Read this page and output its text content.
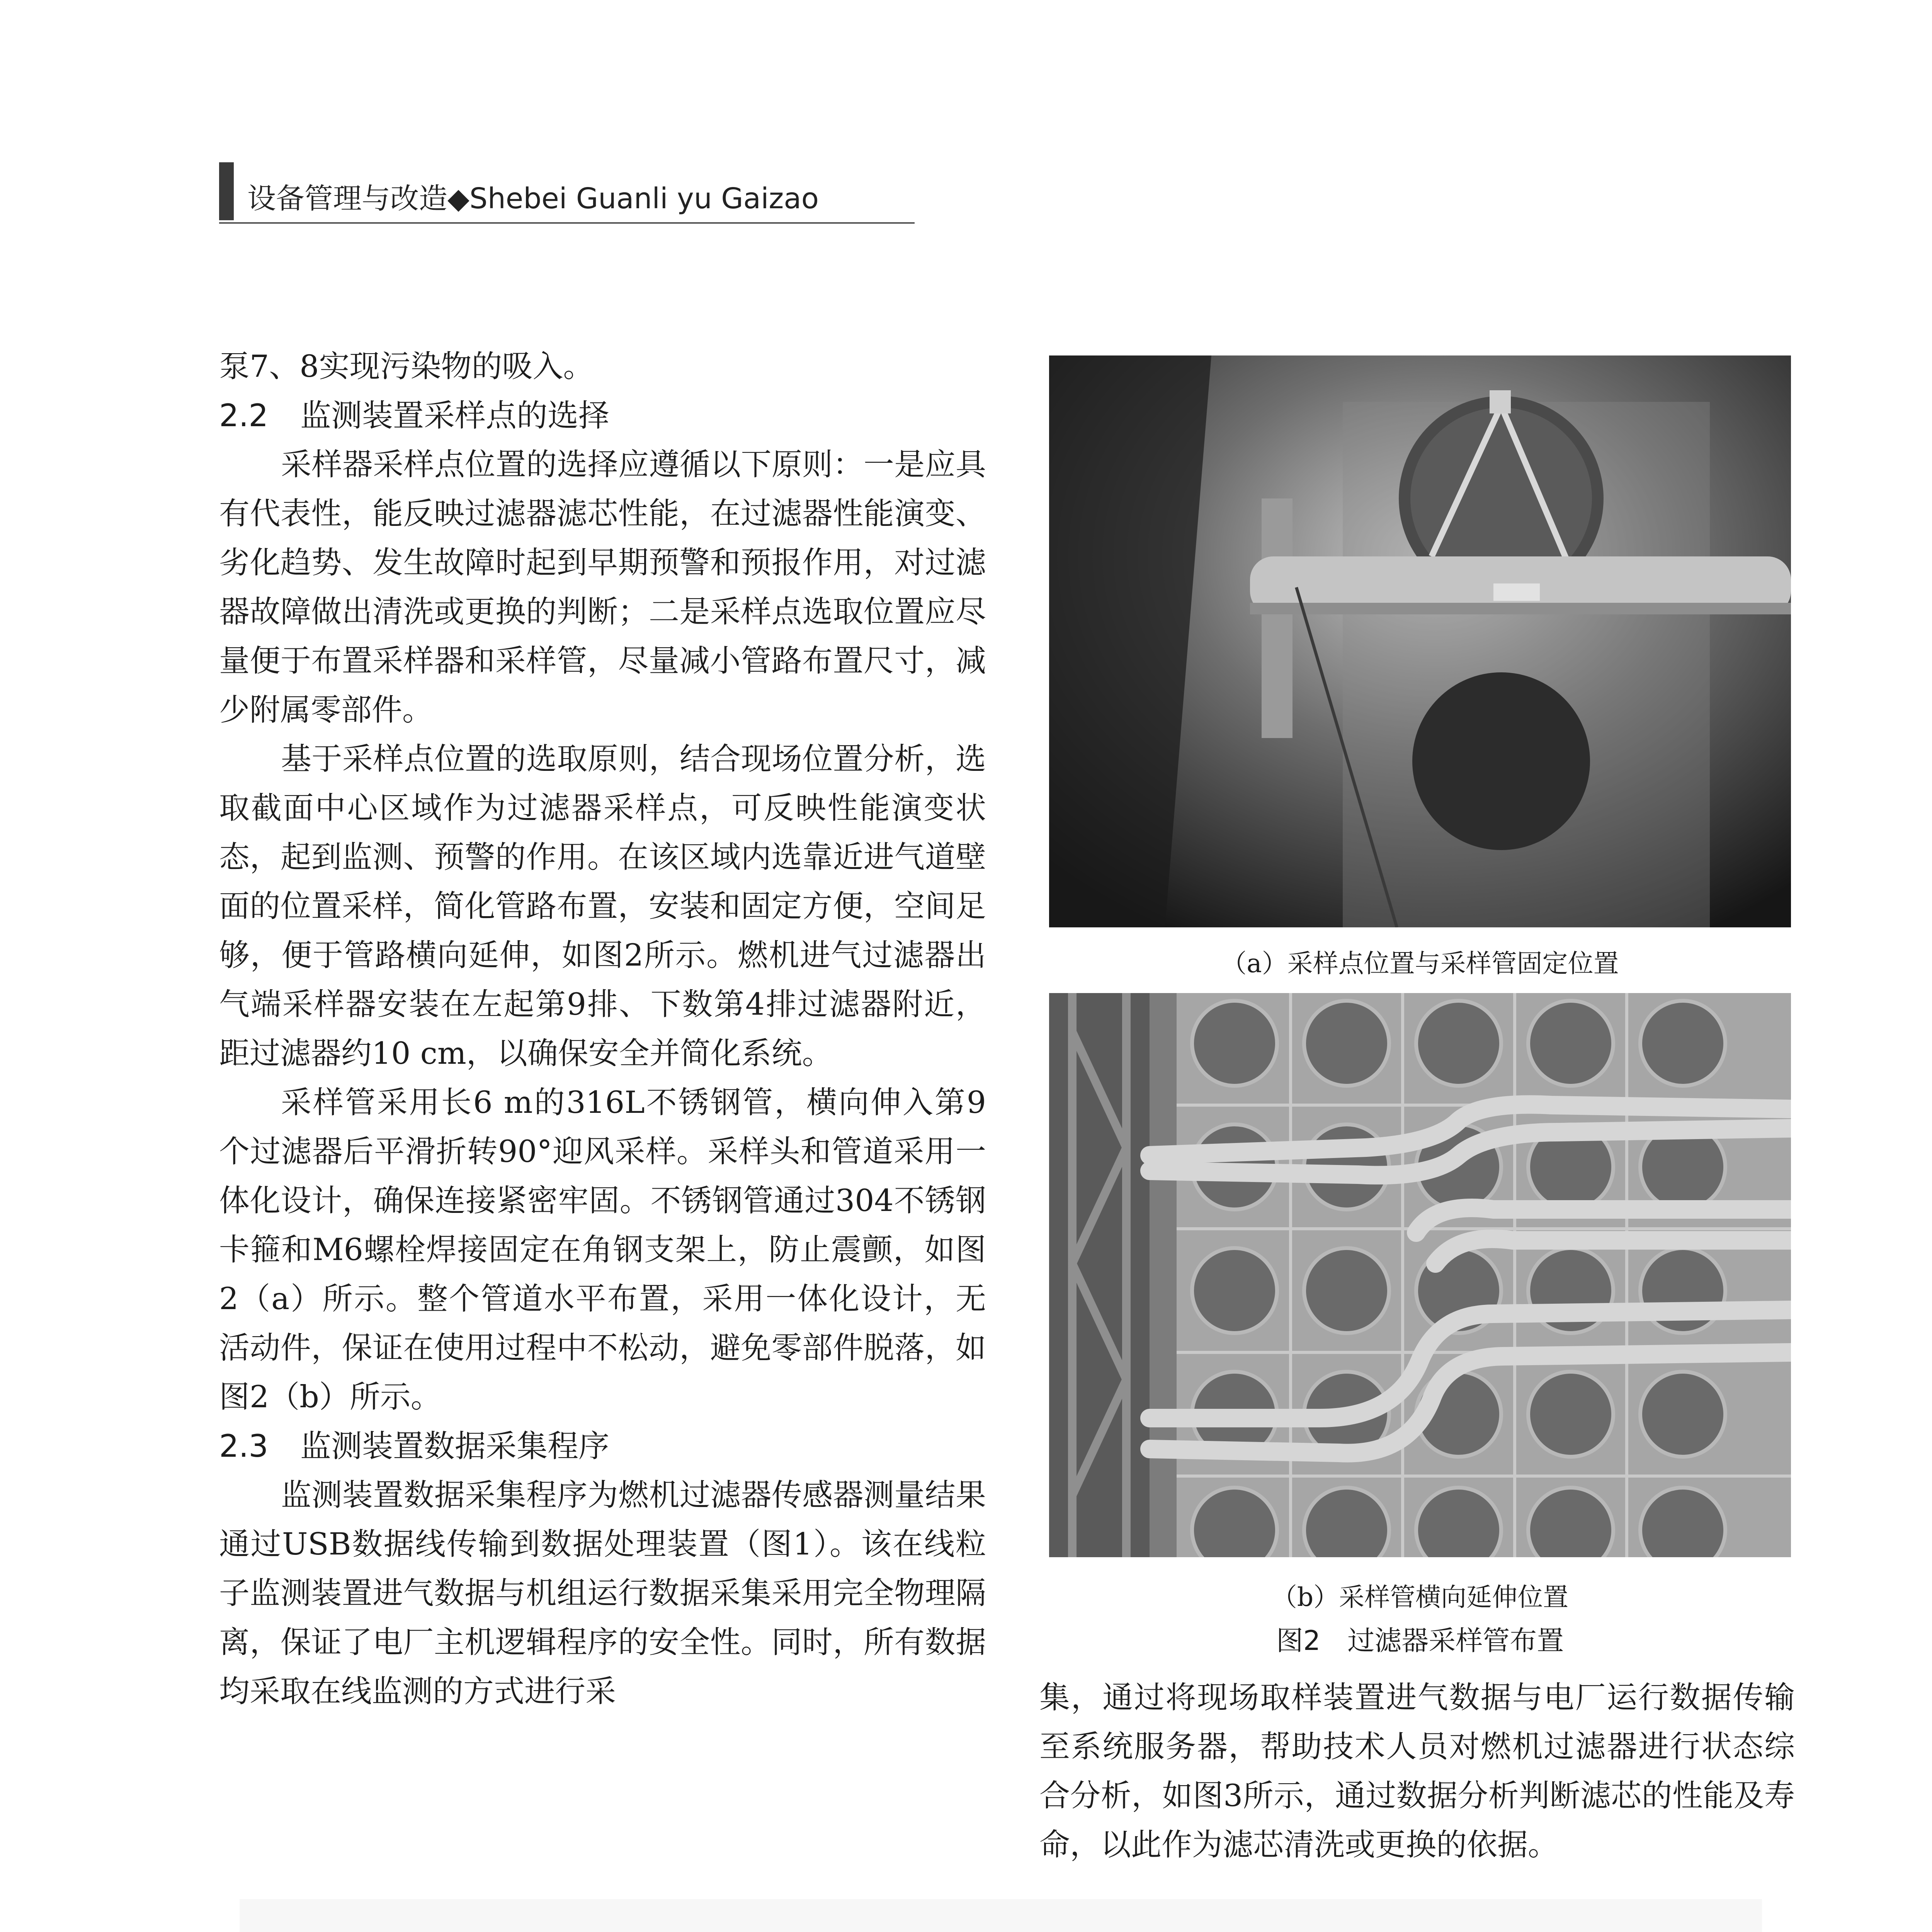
设备管理与改造◆Shebei Guanli yu Gaizao

泵7、8实现污染物的吸入。

2.2 监测装置采样点的选择

采样器采样点位置的选择应遵循以下原则：一是应具有代表性，能反映过滤器滤芯性能，在过滤器性能演变、劣化趋势、发生故障时起到早期预警和预报作用，对过滤器故障做出清洗或更换的判断；二是采样点选取位置应尽量便于布置采样器和采样管，尽量减小管路布置尺寸，减少附属零部件。

基于采样点位置的选取原则，结合现场位置分析，选取截面中心区域作为过滤器采样点，可反映性能演变状态，起到监测、预警的作用。在该区域内选靠近进气道壁面的位置采样，简化管路布置，安装和固定方便，空间足够，便于管路横向延伸，如图2所示。燃机进气过滤器出气端采样器安装在左起第9排、下数第4排过滤器附近，距过滤器约10 cm，以确保安全并简化系统。

采样管采用长6 m的316L不锈钢管，横向伸入第9个过滤器后平滑折转90°迎风采样。采样头和管道采用一体化设计，确保连接紧密牢固。不锈钢管通过304不锈钢卡箍和M6螺栓焊接固定在角钢支架上，防止震颤，如图2（a）所示。整个管道水平布置，采用一体化设计，无活动件，保证在使用过程中不松动，避免零部件脱落，如图2（b）所示。

2.3 监测装置数据采集程序

监测装置数据采集程序为燃机过滤器传感器测量结果通过USB数据线传输到数据处理装置（图1）。该在线粒子监测装置进气数据与机组运行数据采集采用完全物理隔离，保证了电厂主机逻辑程序的安全性。同时，所有数据均采取在线监测的方式进行采

（a）采样点位置与采样管固定位置
（b）采样管横向延伸位置
图2　过滤器采样管布置

集，通过将现场取样装置进气数据与电厂运行数据传输至系统服务器，帮助技术人员对燃机过滤器进行状态综合分析，如图3所示，通过数据分析判断滤芯的性能及寿命，以此作为滤芯清洗或更换的依据。
